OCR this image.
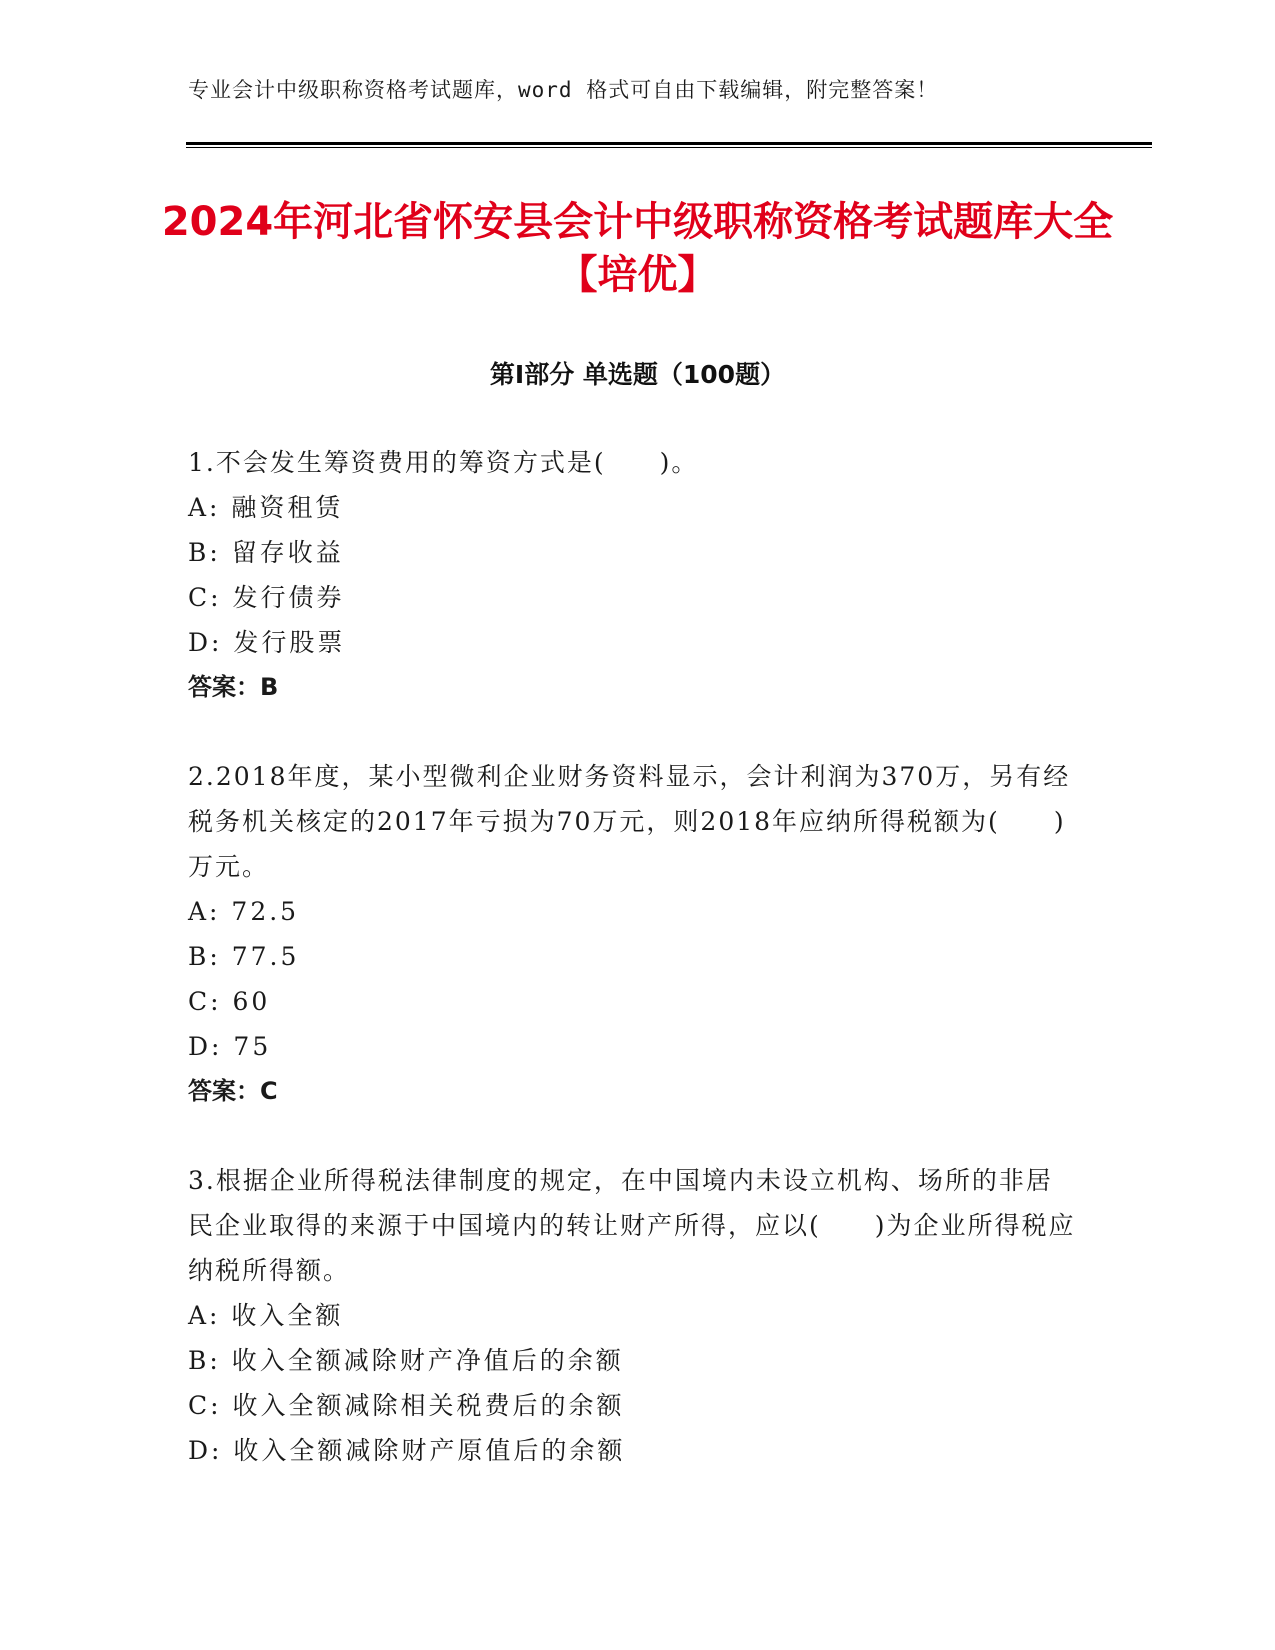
专业会计中级职称资格考试题库，word 格式可自由下载编辑，附完整答案！
2024年河北省怀安县会计中级职称资格考试题库大全【培优】
第Ⅰ部分 单选题（100题）

1.不会发生筹资费用的筹资方式是(　　)。

A: 融资租赁
B: 留存收益
C: 发行债券
D: 发行股票
答案：B

2.2018年度，某小型微利企业财务资料显示，会计利润为370万，另有经税务机关核定的2017年亏损为70万元，则2018年应纳所得税额为(　　)万元。

A: 72.5
B: 77.5
C: 60
D: 75
答案：C

3.根据企业所得税法律制度的规定，在中国境内未设立机构、场所的非居民企业取得的来源于中国境内的转让财产所得，应以(　　)为企业所得税应纳税所得额。

A: 收入全额
B: 收入全额减除财产净值后的余额
C: 收入全额减除相关税费后的余额
D: 收入全额减除财产原值后的余额
